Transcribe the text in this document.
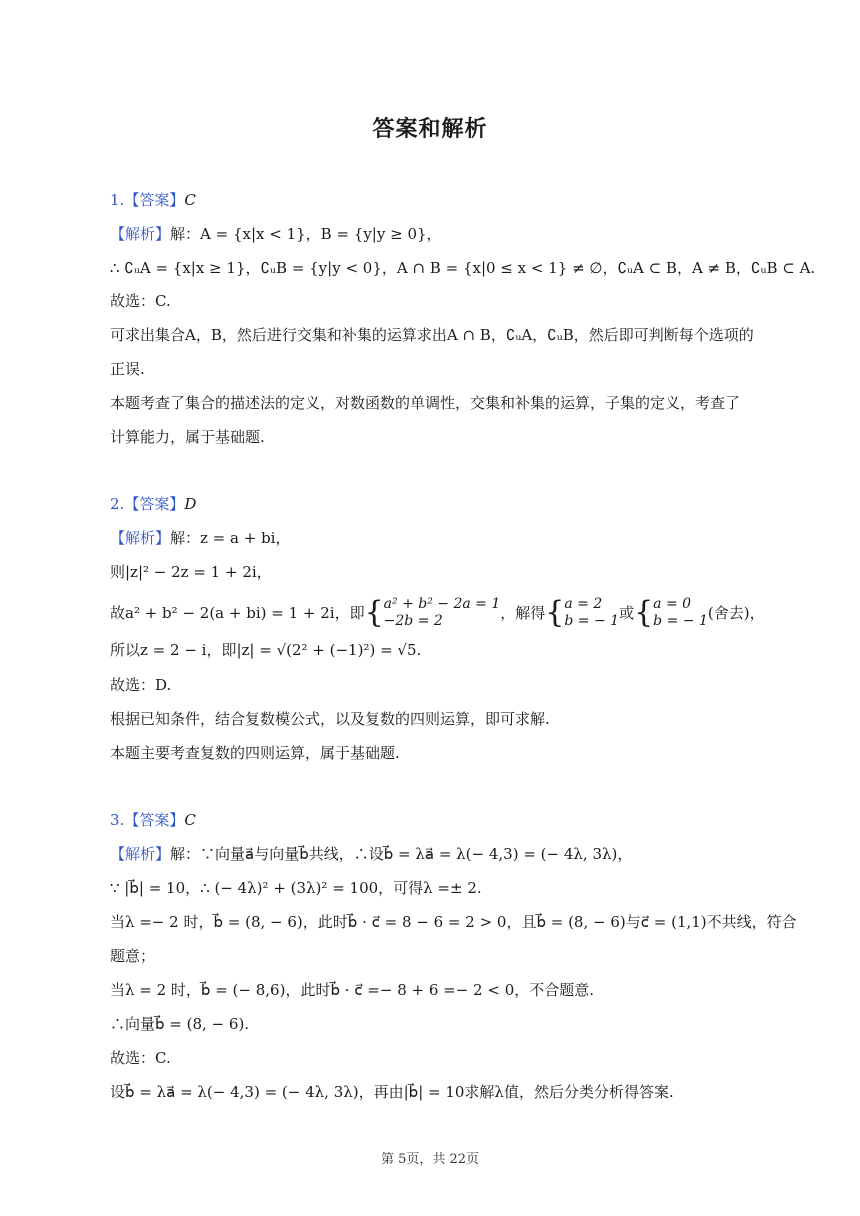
答案和解析
1.【答案】C
【解析】解：A = {x|x < 1}，B = {y|y ≥ 0}，
∴ ∁ᵤA = {x|x ≥ 1}，∁ᵤB = {y|y < 0}，A ∩ B = {x|0 ≤ x < 1} ≠ ∅，∁ᵤA ⊂ B，A ≠ B，∁ᵤB ⊂ A.
故选：C.
可求出集合A，B，然后进行交集和补集的运算求出A ∩ B，∁ᵤA，∁ᵤB，然后即可判断每个选项的
正误.
本题考查了集合的描述法的定义，对数函数的单调性，交集和补集的运算，子集的定义，考查了
计算能力，属于基础题.
2.【答案】D
【解析】解：z = a + bi，
则|z|² − 2z = 1 + 2i，
故a² + b² − 2(a + bi) = 1 + 2i，即 { a² + b² − 2a = 1
−2b = 2	，解得 { a = 2
b = − 1 或 { a = 0
b = − 1 (舍去)，
所以z = 2 − i，即|z| = √(2² + (−1)²) = √5.
故选：D.
根据已知条件，结合复数模公式，以及复数的四则运算，即可求解.
本题主要考查复数的四则运算，属于基础题.
3.【答案】C
【解析】解：∵向量a⃗与向量b⃗共线，∴设b⃗ = λa⃗ = λ(− 4,3) = (− 4λ, 3λ)，
∵ |b⃗| = 10，∴ (− 4λ)² + (3λ)² = 100，可得λ =± 2.
当λ =− 2 时，b⃗ = (8, − 6)，此时b⃗ · c⃗ = 8 − 6 = 2 > 0，且b⃗ = (8, − 6)与c⃗ = (1,1)不共线，符合
题意；
当λ = 2 时，b⃗ = (− 8,6)，此时b⃗ · c⃗ =− 8 + 6 =− 2 < 0，不合题意.
∴向量b⃗ = (8, − 6).
故选：C.
设b⃗ = λa⃗ = λ(− 4,3) = (− 4λ, 3λ)，再由|b⃗| = 10求解λ值，然后分类分析得答案.
第 5页，共 22页
